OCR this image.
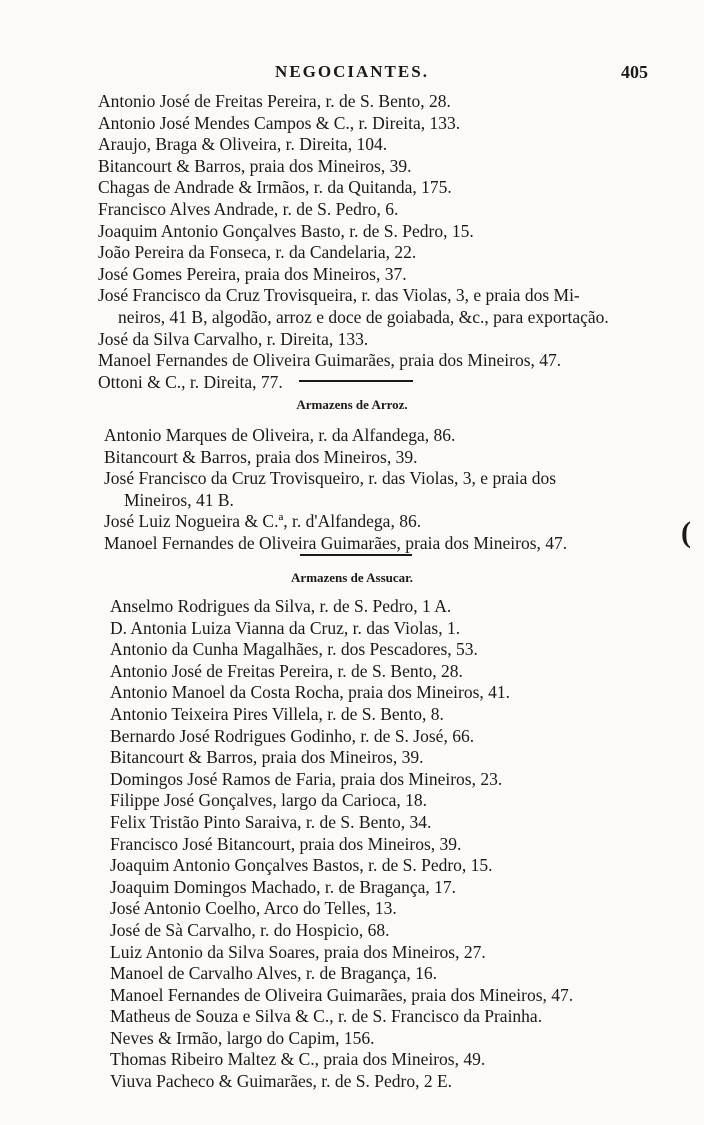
NEGOCIANTES.	405
Antonio José de Freitas Pereira, r. de S. Bento, 28.
Antonio José Mendes Campos & C., r. Direita, 133.
Araujo, Braga & Oliveira, r. Direita, 104.
Bitancourt & Barros, praia dos Mineiros, 39.
Chagas de Andrade & Irmãos, r. da Quitanda, 175.
Francisco Alves Andrade, r. de S. Pedro, 6.
Joaquim Antonio Gonçalves Basto, r. de S. Pedro, 15.
João Pereira da Fonseca, r. da Candelaria, 22.
José Gomes Pereira, praia dos Mineiros, 37.
José Francisco da Cruz Trovisqueira, r. das Violas, 3, e praia dos Mi-
neiros, 41 B, algodão, arroz e doce de goiabada, &c., para exportação.
José da Silva Carvalho, r. Direita, 133.
Manoel Fernandes de Oliveira Guimarães, praia dos Mineiros, 47.
Ottoni & C., r. Direita, 77.
Armazens de Arroz.
Antonio Marques de Oliveira, r. da Alfandega, 86.
Bitancourt & Barros, praia dos Mineiros, 39.
José Francisco da Cruz Trovisqueiro, r. das Violas, 3, e praia dos
Mineiros, 41 B.
José Luiz Nogueira & C.ª, r. d'Alfandega, 86.
Manoel Fernandes de Oliveira Guimarães, praia dos Mineiros, 47.	(
Armazens de Assucar.
Anselmo Rodrigues da Silva, r. de S. Pedro, 1 A.
D. Antonia Luiza Vianna da Cruz, r. das Violas, 1.
Antonio da Cunha Magalhães, r. dos Pescadores, 53.
Antonio José de Freitas Pereira, r. de S. Bento, 28.
Antonio Manoel da Costa Rocha, praia dos Mineiros, 41.
Antonio Teixeira Pires Villela, r. de S. Bento, 8.
Bernardo José Rodrigues Godinho, r. de S. José, 66.
Bitancourt & Barros, praia dos Mineiros, 39.
Domingos José Ramos de Faria, praia dos Mineiros, 23.
Filippe José Gonçalves, largo da Carioca, 18.
Felix Tristão Pinto Saraiva, r. de S. Bento, 34.
Francisco José Bitancourt, praia dos Mineiros, 39.
Joaquim Antonio Gonçalves Bastos, r. de S. Pedro, 15.
Joaquim Domingos Machado, r. de Bragança, 17.
José Antonio Coelho, Arco do Telles, 13.
José de Sà Carvalho, r. do Hospicio, 68.
Luiz Antonio da Silva Soares, praia dos Mineiros, 27.
Manoel de Carvalho Alves, r. de Bragança, 16.
Manoel Fernandes de Oliveira Guimarães, praia dos Mineiros, 47.
Matheus de Souza e Silva & C., r. de S. Francisco da Prainha.
Neves & Irmão, largo do Capim, 156.
Thomas Ribeiro Maltez & C., praia dos Mineiros, 49.
Viuva Pacheco & Guimarães, r. de S. Pedro, 2 E.
